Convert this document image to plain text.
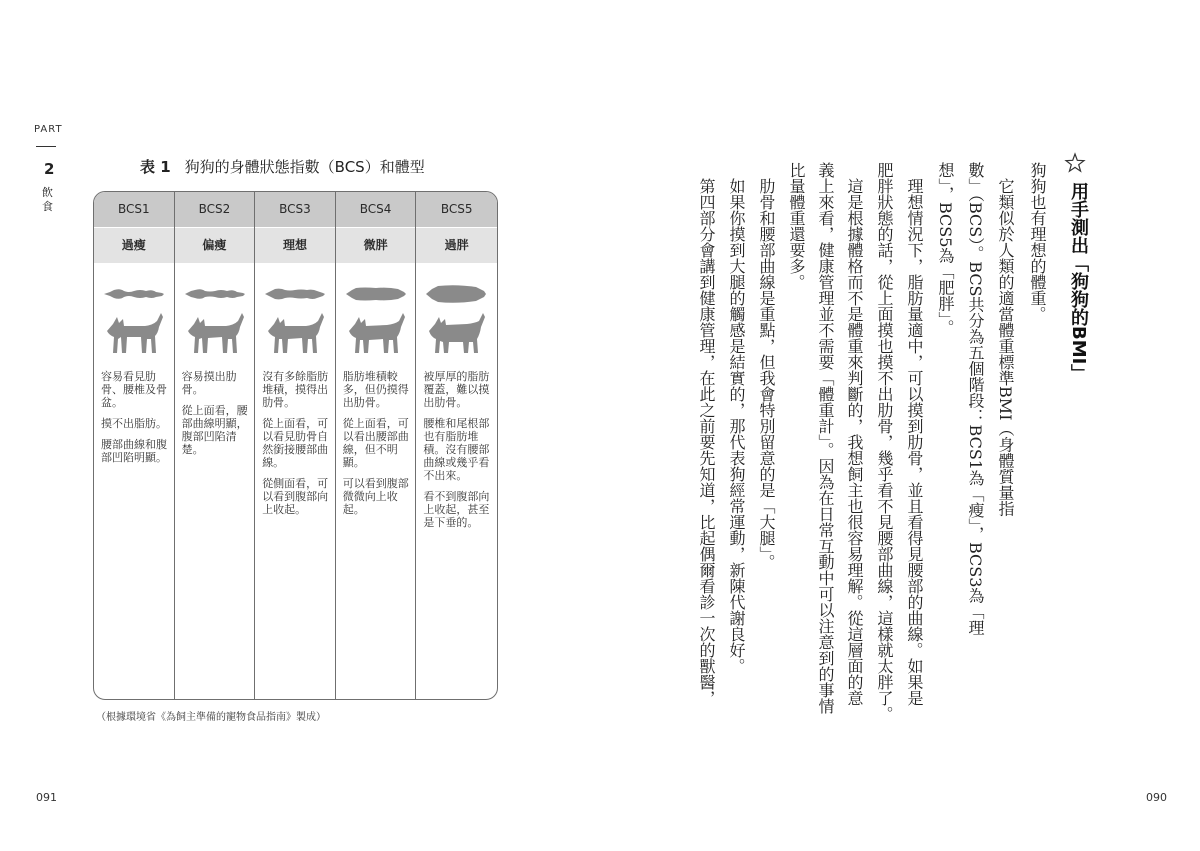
PART
2
飲食
表 1 狗狗的身體狀態指數（BCS）和體型
BCS1
過瘦

容易看見肋骨、腰椎及骨盆。

摸不出脂肪。

腰部曲線和腹部凹陷明顯。

BCS2
偏瘦

容易摸出肋骨。

從上面看，腰部曲線明顯，腹部凹陷清楚。

BCS3
理想

沒有多餘脂肪堆積，摸得出肋骨。

從上面看，可以看見肋骨自然銜接腰部曲線。

從側面看，可以看到腹部向上收起。

BCS4
微胖

脂肪堆積較多，但仍摸得出肋骨。

從上面看，可以看出腰部曲線，但不明顯。

可以看到腹部微微向上收起。

BCS5
過胖

被厚厚的脂肪覆蓋，難以摸出肋骨。

腰椎和尾根部也有脂肪堆積。沒有腰部曲線或幾乎看不出來。

看不到腹部向上收起，甚至是下垂的。

（根據環境省《為飼主準備的寵物食品指南》製成）
用手測出「狗狗的BMI」
狗狗也有理想的體重。
　它類似於人類的適當體重標準BMI（身體質量指
數」（BCS）。BCS共分為五個階段：BCS1為「瘦」，BCS3為「理
想」，BCS5為「肥胖」。
　理想情況下，脂肪量適中，可以摸到肋骨，並且看得見腰部的曲線。如果是
肥胖狀態的話，從上面摸也摸不出肋骨，幾乎看不見腰部曲線，這樣就太胖了。
　這是根據體格而不是體重來判斷的，我想飼主也很容易理解。從這層面的意
義上來看，健康管理並不需要「體重計」。因為在日常互動中可以注意到的事情
比量體重還要多。
　肋骨和腰部曲線是重點，但我會特別留意的是「大腿」。
　如果你摸到大腿的觸感是結實的，那代表狗經常運動，新陳代謝良好。
　第四部分會講到健康管理，在此之前要先知道，比起偶爾看診一次的獸醫，
091	090
